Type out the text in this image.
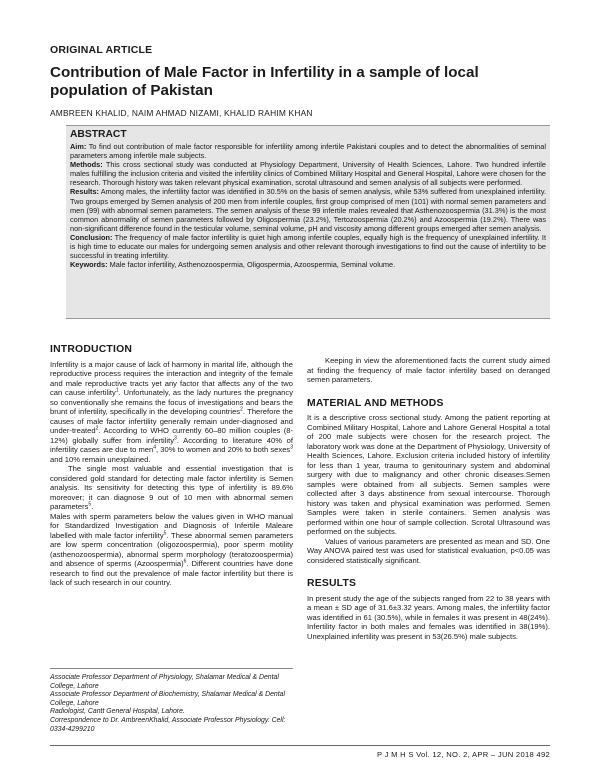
ORIGINAL ARTICLE
Contribution of Male Factor in Infertility in a sample of local population of Pakistan
AMBREEN KHALID, NAIM AHMAD NIZAMI, KHALID RAHIM KHAN
ABSTRACT

Aim: To find out contribution of male factor responsible for infertility among infertile Pakistani couples and to detect the abnormalities of seminal parameters among infertile male subjects.

Methods: This cross sectional study was conducted at Physiology Department, University of Health Sciences, Lahore. Two hundred infertile males fulfilling the inclusion criteria and visited the infertility clinics of Combined Military Hospital and General Hospital, Lahore were chosen for the research. Thorough history was taken relevant physical examination, scrotal ultrasound and semen analysis of all subjects were performed.

Results: Among males, the infertility factor was identified in 30.5% on the basis of semen analysis, while 53% suffered from unexplained infertility. Two groups emerged by Semen analysis of 200 men from infertile couples, first group comprised of men (101) with normal semen parameters and men (99) with abnormal semen parameters. The semen analysis of these 99 infertile males revealed that Asthenozoospermia (31.3%) is the most common abnormality of semen parameters followed by Oligospermia (23.2%), Tertozoospermia (20.2%) and Azoospermia (19.2%). There was non-significant difference found in the testicular volume, seminal volume, pH and viscosity among different groups emerged after semen analysis.

Conclusion: The frequency of male factor infertility is quiet high among infertile couples, equally high is the frequency of unexplained infertility. It is high time to educate our males for undergoing semen analysis and other relevant thorough investigations to find out the cause of infertility to be successful in treating infertility.

Keywords: Male factor infertility, Asthenozoospermia, Oligospermia, Azoospermia, Seminal volume.

INTRODUCTION

Infertility is a major cause of lack of harmony in marital life, although the reproductive process requires the interaction and integrity of the female and male reproductive tracts yet any factor that affects any of the two can cause infertility$^1$. Unfortunately, as the lady nurtures the pregnancy so conventionally she remains the focus of investigations and bears the brunt of infertility, specifically in the developing countries$^2$. Therefore the causes of male factor infertility generally remain under-diagnosed and under-treated$^2$. According to WHO currently 60–80 million couples (8-12%) globally suffer from infertility$^3$. According to literature 40% of infertility cases are due to men$^4$, 30% to women and 20% to both sexes$^3$ and 10% remain unexplained.

The single most valuable and essential investigation that is considered gold standard for detecting male factor infertility is Semen analysis. Its sensitivity for detecting this type of infertility is 89.6% moreover; it can diagnose 9 out of 10 men with abnormal semen parameters$^5$.

Males with sperm parameters below the values given in WHO manual for Standardized Investigation and Diagnosis of Infertile Maleare labelled with male factor infertility$^5$. These abnormal semen parameters are low sperm concentration (oligozoospermia), poor sperm motility (asthenozoospermia), abnormal sperm morphology (teratozoospermia) and absence of sperms (Azoospermia)$^6$. Different countries have done research to find out the prevalence of male factor infertility but there is lack of such research in our country.

Keeping in view the aforementioned facts the current study aimed at finding the frequency of male factor infertility based on deranged semen parameters.

MATERIAL AND METHODS

It is a descriptive cross sectional study. Among the patient reporting at Combined Military Hospital, Lahore and Lahore General Hospital a total of 200 male subjects were chosen for the research project. The laboratory work was done at the Department of Physiology, University of Health Sciences, Lahore. Exclusion criteria included history of infertility for less than 1 year, trauma to genitourinary system and abdominal surgery with due to malignancy and other chronic diseases.Semen samples were obtained from all subjects. Semen samples were collected after 3 days abstinence from sexual intercourse. Thorough history was taken and physical examination was performed. Semen Samples were taken in sterile containers. Semen analysis was performed within one hour of sample collection. Scrotal Ultrasound was performed on the subjects.

Values of various parameters are presented as mean and SD. One Way ANOVA paired test was used for statistical evaluation, p<0.05 was considered statistically significant.

RESULTS

In present study the age of the subjects ranged from 22 to 38 years with a mean ± SD age of 31.6±3.32 years. Among males, the infertility factor was identified in 61 (30.5%), while in females it was present in 48(24%). Infertility factor in both males and females was identified in 38(19%). Unexplained infertility was present in 53(26.5%) male subjects.

Associate Professor Department of Physiology, Shalamar Medical & Dental College, Lahore
Associate Professor Department of Biochemistry, Shalamar Medical & Dental College, Lahore
Radiologist, Cantt General Hospital, Lahore.
Correspondence to Dr. AmbreenKhalid, Associate Professor Physiology. Cell: 0334-4299210
P J M H S Vol. 12, NO. 2, APR – JUN 2018 492
